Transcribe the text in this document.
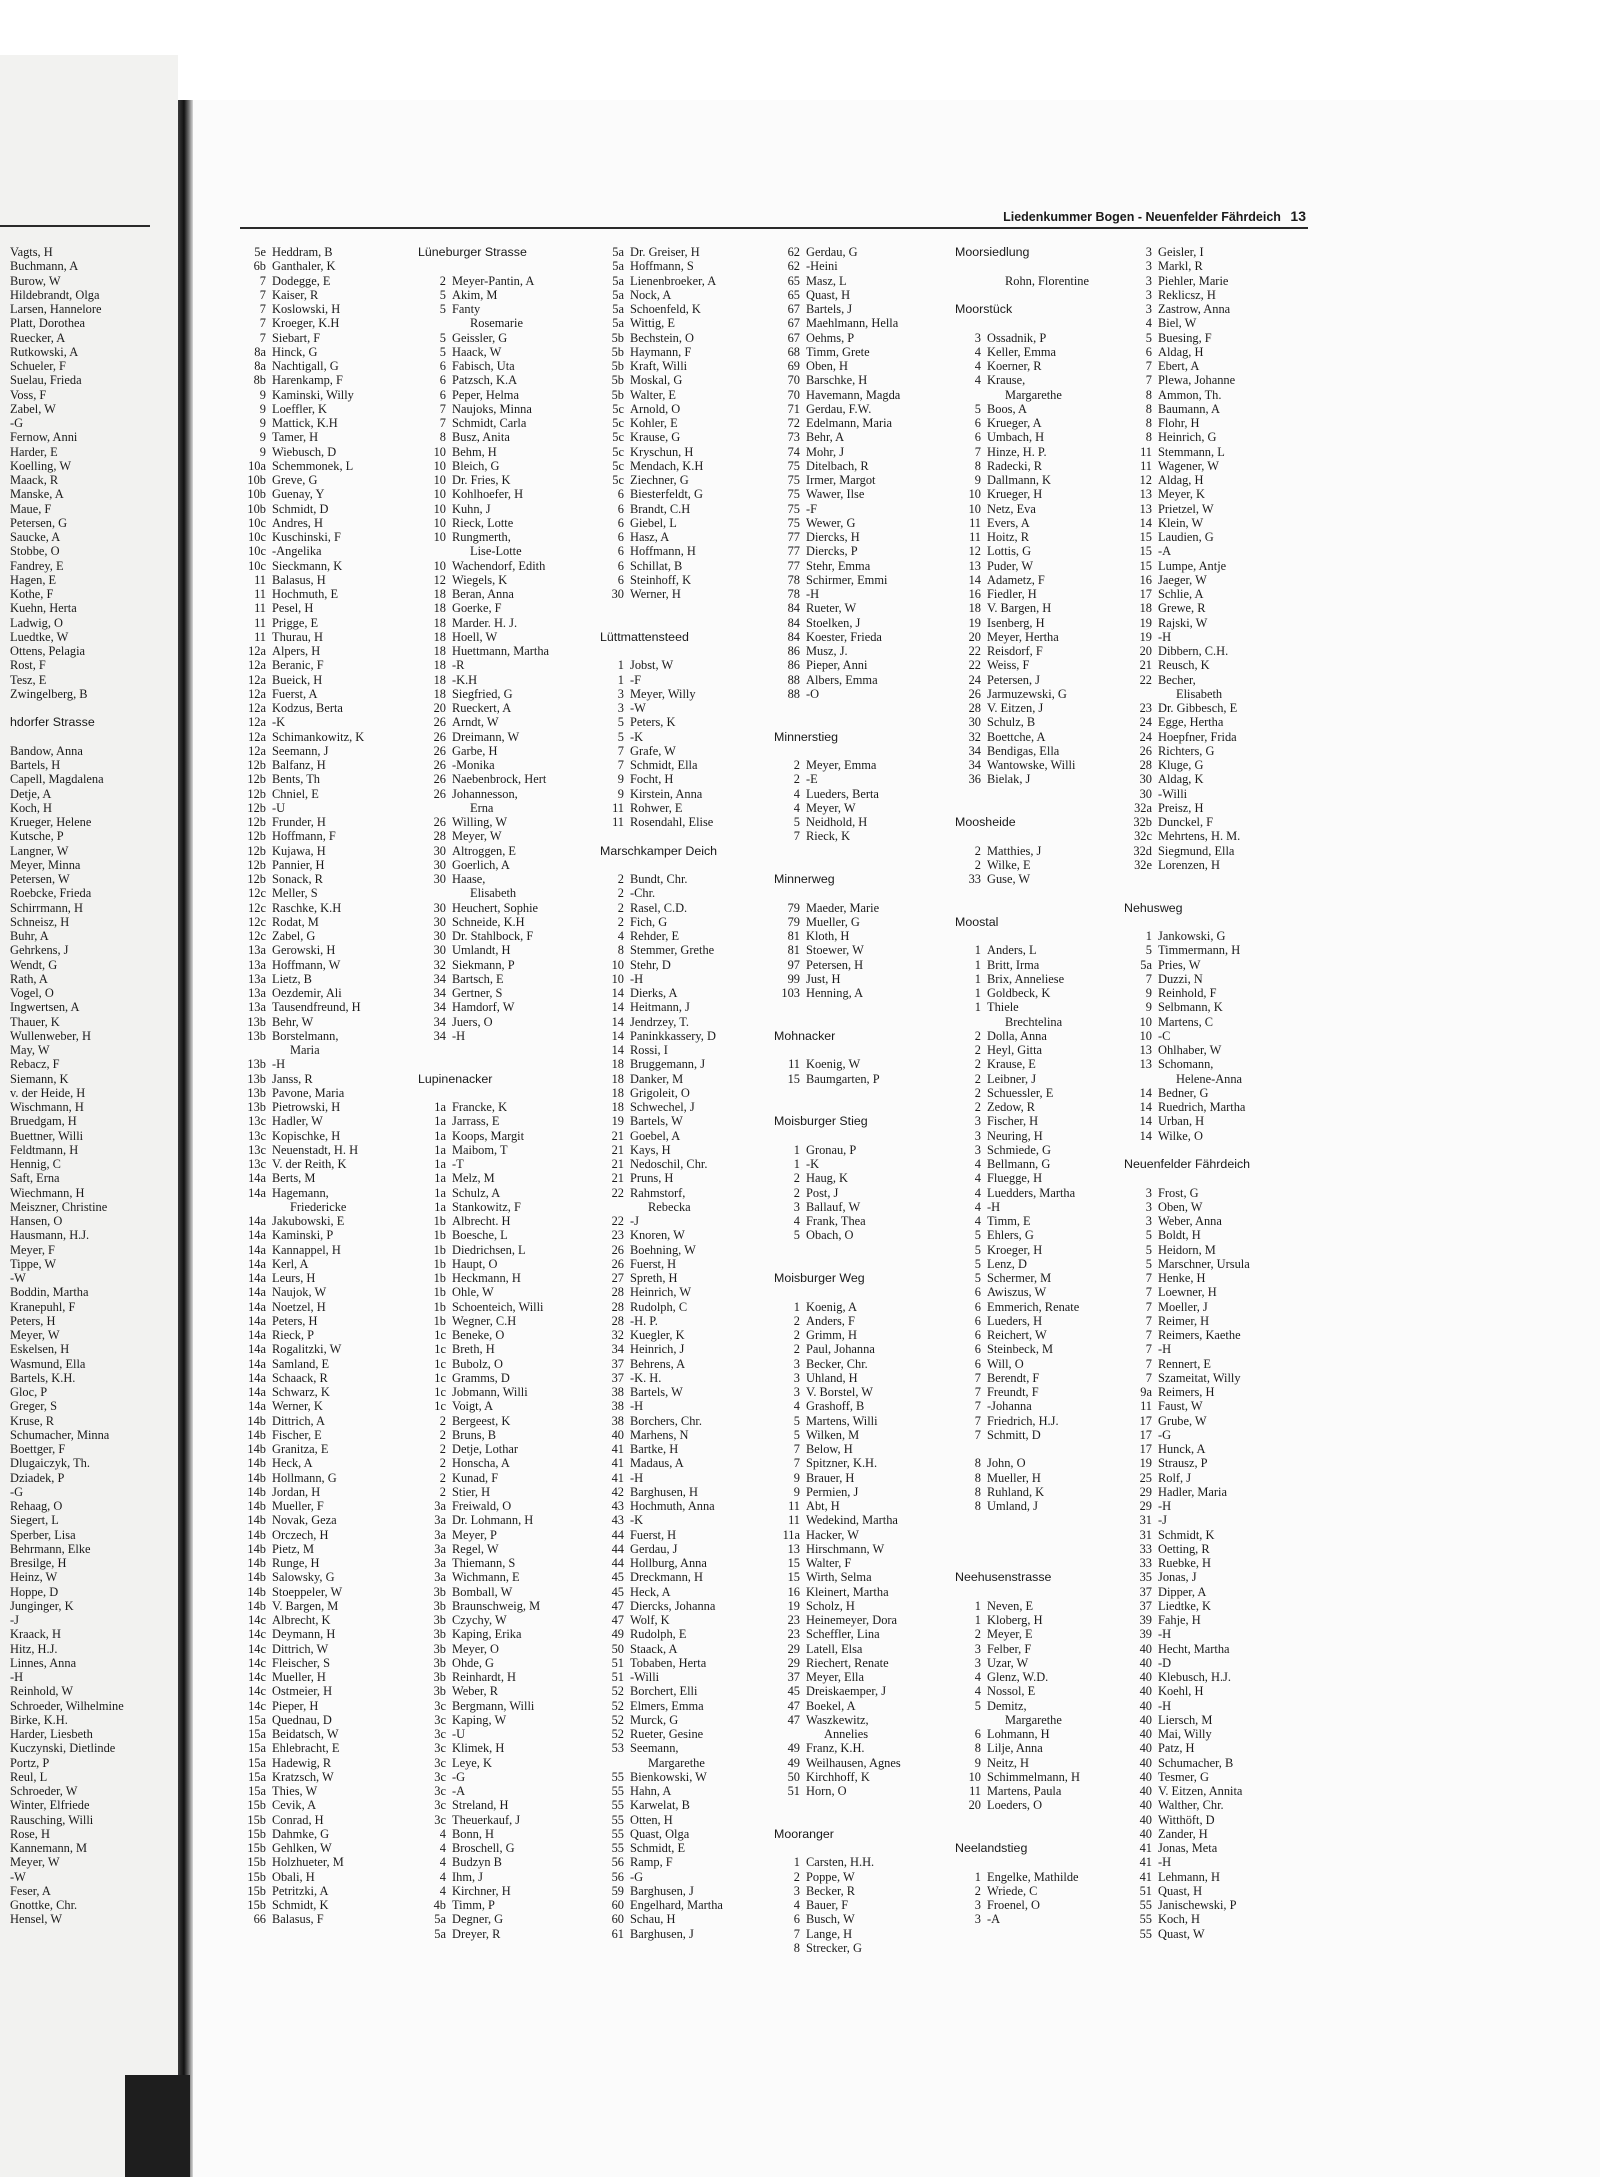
Liedenkummer Bogen - Neuenfelder Fährdeich 13
Vagts, H
Buchmann, A
Burow, W
Hildebrandt, Olga
Larsen, Hannelore
Platt, Dorothea
Ruecker, A
Rutkowski, A
Schueler, F
Suelau, Frieda
Voss, F
Zabel, W
-G
Fernow, Anni
Harder, E
Koelling, W
Maack, R
Manske, A
Maue, F
Petersen, G
Saucke, A
Stobbe, O
Fandrey, E
Hagen, E
Kothe, F
Kuehn, Herta
Ladwig, O
Luedtke, W
Ottens, Pelagia
Rost, F
Tesz, E
Zwingelberg, B
hdorfer Strasse
Bandow, Anna
Bartels, H
Capell, Magdalena
Detje, A
Koch, H
Krueger, Helene
Kutsche, P
Langner, W
Meyer, Minna
Petersen, W
Roebcke, Frieda
Schirrmann, H
Schneisz, H
Buhr, A
Gehrkens, J
Wendt, G
Rath, A
Vogel, O
Ingwertsen, A
Thauer, K
Wullenweber, H
May, W
Rebacz, F
Siemann, K
v. der Heide, H
Wischmann, H
Bruedgam, H
Buettner, Willi
Feldtmann, H
Hennig, C
Saft, Erna
Wiechmann, H
Meiszner, Christine
Hansen, O
Hausmann, H.J.
Meyer, F
Tippe, W
-W
Boddin, Martha
Kranepuhl, F
Peters, H
Meyer, W
Eskelsen, H
Wasmund, Ella
Bartels, K.H.
Gloc, P
Greger, S
Kruse, R
Schumacher, Minna
Boettger, F
Dlugaiczyk, Th.
Dziadek, P
-G
Rehaag, O
Siegert, L
Sperber, Lisa
Behrmann, Elke
Bresilge, H
Heinz, W
Hoppe, D
Junginger, K
-J
Kraack, H
Hitz, H.J.
Linnes, Anna
-H
Reinhold, W
Schroeder, Wilhelmine
Birke, K.H.
Harder, Liesbeth
Kuczynski, Dietlinde
Portz, P
Reul, L
Schroeder, W
Winter, Elfriede
Rausching, Willi
Rose, H
Kannemann, M
Meyer, W
-W
Feser, A
Gnottke, Chr.
Hensel, W
5e Heddram, B
6b Ganthaler, K
7 Dodegge, E
7 Kaiser, R
7 Koslowski, H
7 Kroeger, K.H
7 Siebart, F
8a Hinck, G
8a Nachtigall, G
8b Harenkamp, F
9 Kaminski, Willy
9 Loeffler, K
9 Mattick, K.H
9 Tamer, H
9 Wiebusch, D
10a Schemmonek, L
10b Greve, G
10b Guenay, Y
10b Schmidt, D
10c Andres, H
10c Kuschinski, F
10c -Angelika
10c Sieckmann, K
11 Balasus, H
11 Hochmuth, E
11 Pesel, H
11 Prigge, E
11 Thurau, H
12a Alpers, H
12a Beranic, F
12a Bueick, H
12a Fuerst, A
12a Kodzus, Berta
12a -K
12a Schimankowitz, K
12a Seemann, J
12b Balfanz, H
12b Bents, Th
12b Chniel, E
12b -U
12b Frunder, H
12b Hoffmann, F
12b Kujawa, H
12b Pannier, H
12b Sonack, R
12c Meller, S
12c Raschke, K.H
12c Rodat, M
12c Zabel, G
13a Gerowski, H
13a Hoffmann, W
13a Lietz, B
13a Oezdemir, Ali
13a Tausendfreund, H
13b Behr, W
13b Borstelmann,
Maria
13b -H
13b Janss, R
13b Pavone, Maria
13b Pietrowski, H
13c Hadler, W
13c Kopischke, H
13c Neuenstadt, H. H
13c V. der Reith, K
14a Berts, M
14a Hagemann,
Friedericke
14a Jakubowski, E
14a Kaminski, P
14a Kannappel, H
14a Kerl, A
14a Leurs, H
14a Naujok, W
14a Noetzel, H
14a Peters, H
14a Rieck, P
14a Rogalitzki, W
14a Samland, E
14a Schaack, R
14a Schwarz, K
14a Werner, K
14b Dittrich, A
14b Fischer, E
14b Granitza, E
14b Heck, A
14b Hollmann, G
14b Jordan, H
14b Mueller, F
14b Novak, Geza
14b Orczech, H
14b Pietz, M
14b Runge, H
14b Salowsky, G
14b Stoeppeler, W
14b V. Bargen, M
14c Albrecht, K
14c Deymann, H
14c Dittrich, W
14c Fleischer, S
14c Mueller, H
14c Ostmeier, H
14c Pieper, H
15a Quednau, D
15a Beidatsch, W
15a Ehlebracht, E
15a Hadewig, R
15a Kratzsch, W
15a Thies, W
15b Cevik, A
15b Conrad, H
15b Dahmke, G
15b Gehlken, W
15b Holzhueter, M
15b Obali, H
15b Petritzki, A
15b Schmidt, K
66 Balasus, F
Lüneburger Strasse
2 Meyer-Pantin, A
5 Akim, M
5 Fanty
Rosemarie
5 Geissler, G
5 Haack, W
6 Fabisch, Uta
6 Patzsch, K.A
6 Peper, Helma
7 Naujoks, Minna
7 Schmidt, Carla
8 Busz, Anita
10 Behm, H
10 Bleich, G
10 Dr. Fries, K
10 Kohlhoefer, H
10 Kuhn, J
10 Rieck, Lotte
10 Rungmerth,
Lise-Lotte
10 Wachendorf, Edith
12 Wiegels, K
18 Beran, Anna
18 Goerke, F
18 Marder. H. J.
18 Hoell, W
18 Huettmann, Martha
18 -R
18 -K.H
18 Siegfried, G
20 Rueckert, A
26 Arndt, W
26 Dreimann, W
26 Garbe, H
26 -Monika
26 Naebenbrock, Hert
26 Johannesson,
Erna
26 Willing, W
28 Meyer, W
30 Altroggen, E
30 Goerlich, A
30 Haase,
Elisabeth
30 Heuchert, Sophie
30 Schneide, K.H
30 Dr. Stahlbock, F
30 Umlandt, H
32 Siekmann, P
34 Bartsch, E
34 Gertner, S
34 Hamdorf, W
34 Juers, O
34 -H
Lupinenacker
1a Francke, K
1a Jarrass, E
1a Koops, Margit
1a Maibom, T
1a -T
1a Melz, M
1a Schulz, A
1a Stankowitz, F
1b Albrecht. H
1b Boesche, L
1b Diedrichsen, L
1b Haupt, O
1b Heckmann, H
1b Ohle, W
1b Schoenteich, Willi
1b Wegner, C.H
1c Beneke, O
1c Breth, H
1c Bubolz, O
1c Gramms, D
1c Jobmann, Willi
1c Voigt, A
2 Bergeest, K
2 Bruns, B
2 Detje, Lothar
2 Honscha, A
2 Kunad, F
2 Stier, H
3a Freiwald, O
3a Dr. Lohmann, H
3a Meyer, P
3a Regel, W
3a Thiemann, S
3a Wichmann, E
3b Bomball, W
3b Braunschweig, M
3b Czychy, W
3b Kaping, Erika
3b Meyer, O
3b Ohde, G
3b Reinhardt, H
3b Weber, R
3c Bergmann, Willi
3c Kaping, W
3c -U
3c Klimek, H
3c Leye, K
3c -G
3c -A
3c Streland, H
3c Theuerkauf, J
4 Bonn, H
4 Broschell, G
4 Budzyn B
4 Ihm, J
4 Kirchner, H
4b Timm, P
5a Degner, G
5a Dreyer, R
5a Dr. Greiser, H
5a Hoffmann, S
5a Lienenbroeker, A
5a Nock, A
5a Schoenfeld, K
5a Wittig, E
5b Bechstein, O
5b Haymann, F
5b Kraft, Willi
5b Moskal, G
5b Walter, E
5c Arnold, O
5c Kohler, E
5c Krause, G
5c Kryschun, H
5c Mendach, K.H
5c Ziechner, G
6 Biesterfeldt, G
6 Brandt, C.H
6 Giebel, L
6 Hasz, A
6 Hoffmann, H
6 Schillat, B
6 Steinhoff, K
30 Werner, H
Lüttmattensteed
1 Jobst, W
1 -F
3 Meyer, Willy
3 -W
5 Peters, K
5 -K
7 Grafe, W
7 Schmidt, Ella
9 Focht, H
9 Kirstein, Anna
11 Rohwer, E
11 Rosendahl, Elise
Marschkamper Deich
2 Bundt, Chr.
2 -Chr.
2 Rasel, C.D.
2 Fich, G
4 Rehder, E
8 Stemmer, Grethe
10 Stehr, D
10 -H
14 Dierks, A
14 Heitmann, J
14 Jendrzey, T.
14 Paninkkassery, D
14 Rossi, I
18 Bruggemann, J
18 Danker, M
18 Grigoleit, O
18 Schwechel, J
19 Bartels, W
21 Goebel, A
21 Kays, H
21 Nedoschil, Chr.
21 Pruns, H
22 Rahmstorf,
Rebecka
22 -J
23 Knoren, W
26 Boehning, W
26 Fuerst, H
27 Spreth, H
28 Heinrich, W
28 Rudolph, C
28 -H. P.
32 Kuegler, K
34 Heinrich, J
37 Behrens, A
37 -K. H.
38 Bartels, W
38 -H
38 Borchers, Chr.
40 Marhens, N
41 Bartke, H
41 Madaus, A
41 -H
42 Barghusen, H
43 Hochmuth, Anna
43 -K
44 Fuerst, H
44 Gerdau, J
44 Hollburg, Anna
45 Dreckmann, H
45 Heck, A
47 Diercks, Johanna
47 Wolf, K
49 Rudolph, E
50 Staack, A
51 Tobaben, Herta
51 -Willi
52 Borchert, Elli
52 Elmers, Emma
52 Murck, G
52 Rueter, Gesine
53 Seemann,
Margarethe
55 Bienkowski, W
55 Hahn, A
55 Karwelat, B
55 Otten, H
55 Quast, Olga
55 Schmidt, E
56 Ramp, F
56 -G
59 Barghusen, J
60 Engelhard, Martha
60 Schau, H
61 Barghusen, J
62 Gerdau, G
62 -Heini
65 Masz, L
65 Quast, H
67 Bartels, J
67 Maehlmann, Hella
67 Oehms, P
68 Timm, Grete
69 Oben, H
70 Barschke, H
70 Havemann, Magda
71 Gerdau, F.W.
72 Edelmann, Maria
73 Behr, A
74 Mohr, J
75 Ditelbach, R
75 Irmer, Margot
75 Wawer, Ilse
75 -F
75 Wewer, G
77 Diercks, H
77 Diercks, P
77 Stehr, Emma
78 Schirmer, Emmi
78 -H
84 Rueter, W
84 Stoelken, J
84 Koester, Frieda
86 Musz, J.
86 Pieper, Anni
88 Albers, Emma
88 -O
Minnerstieg
2 Meyer, Emma
2 -E
4 Lueders, Berta
4 Meyer, W
5 Neidhold, H
7 Rieck, K
Minnerweg
79 Maeder, Marie
79 Mueller, G
81 Kloth, H
81 Stoewer, W
97 Petersen, H
99 Just, H
103 Henning, A
Mohnacker
11 Koenig, W
15 Baumgarten, P
Moisburger Stieg
1 Gronau, P
1 -K
2 Haug, K
2 Post, J
3 Ballauf, W
4 Frank, Thea
5 Obach, O
Moisburger Weg
1 Koenig, A
2 Anders, F
2 Grimm, H
2 Paul, Johanna
3 Becker, Chr.
3 Uhland, H
3 V. Borstel, W
4 Grashoff, B
5 Martens, Willi
5 Wilken, M
7 Below, H
7 Spitzner, K.H.
9 Brauer, H
9 Permien, J
11 Abt, H
11 Wedekind, Martha
11a Hacker, W
13 Hirschmann, W
15 Walter, F
15 Wirth, Selma
16 Kleinert, Martha
19 Scholz, H
23 Heinemeyer, Dora
23 Scheffler, Lina
29 Latell, Elsa
29 Riechert, Renate
37 Meyer, Ella
45 Dreiskaemper, J
47 Boekel, A
47 Waszkewitz,
Annelies
49 Franz, K.H.
49 Weilhausen, Agnes
50 Kirchhoff, K
51 Horn, O
Mooranger
1 Carsten, H.H.
2 Poppe, W
3 Becker, R
4 Bauer, F
6 Busch, W
7 Lange, H
8 Strecker, G
Moorsiedlung
Rohn, Florentine
Moorstück
3 Ossadnik, P
4 Keller, Emma
4 Koerner, R
4 Krause,
Margarethe
5 Boos, A
6 Krueger, A
6 Umbach, H
7 Hinze, H. P.
8 Radecki, R
9 Dallmann, K
10 Krueger, H
10 Netz, Eva
11 Evers, A
11 Hoitz, R
12 Lottis, G
13 Puder, W
14 Adametz, F
16 Fiedler, H
18 V. Bargen, H
19 Isenberg, H
20 Meyer, Hertha
22 Reisdorf, F
22 Weiss, F
24 Petersen, J
26 Jarmuzewski, G
28 V. Eitzen, J
30 Schulz, B
32 Boettche, A
34 Bendigas, Ella
34 Wantowske, Willi
36 Bielak, J
Moosheide
2 Matthies, J
2 Wilke, E
33 Guse, W
Moostal
1 Anders, L
1 Britt, Irma
1 Brix, Anneliese
1 Goldbeck, K
1 Thiele
Brechtelina
2 Dolla, Anna
2 Heyl, Gitta
2 Krause, E
2 Leibner, J
2 Schuessler, E
2 Zedow, R
3 Fischer, H
3 Neuring, H
3 Schmiede, G
4 Bellmann, G
4 Fluegge, H
4 Luedders, Martha
4 -H
4 Timm, E
5 Ehlers, G
5 Kroeger, H
5 Lenz, D
5 Schermer, M
6 Awiszus, W
6 Emmerich, Renate
6 Lueders, H
6 Reichert, W
6 Steinbeck, M
6 Will, O
7 Berendt, F
7 Freundt, F
7 -Johanna
7 Friedrich, H.J.
7 Schmitt, D
8 John, O
8 Mueller, H
8 Ruhland, K
8 Umland, J
Neehusenstrasse
1 Neven, E
1 Kloberg, H
2 Meyer, E
3 Felber, F
3 Uzar, W
4 Glenz, W.D.
4 Nossol, E
5 Demitz,
Margarethe
6 Lohmann, H
8 Lilje, Anna
9 Neitz, H
10 Schimmelmann, H
11 Martens, Paula
20 Loeders, O
Neelandstieg
1 Engelke, Mathilde
2 Wriede, C
3 Froenel, O
3 -A
3 Geisler, I
3 Markl, R
3 Piehler, Marie
3 Reklicsz, H
3 Zastrow, Anna
4 Biel, W
5 Buesing, F
6 Aldag, H
7 Ebert, A
7 Plewa, Johanne
8 Ammon, Th.
8 Baumann, A
8 Flohr, H
8 Heinrich, G
11 Stemmann, L
11 Wagener, W
12 Aldag, H
13 Meyer, K
13 Prietzel, W
14 Klein, W
15 Laudien, G
15 -A
15 Lumpe, Antje
16 Jaeger, W
17 Schlie, A
18 Grewe, R
19 Rajski, W
19 -H
20 Dibbern, C.H.
21 Reusch, K
22 Becher,
Elisabeth
23 Dr. Gibbesch, E
24 Egge, Hertha
24 Hoepfner, Frida
26 Richters, G
28 Kluge, G
30 Aldag, K
30 -Willi
32a Preisz, H
32b Dunckel, F
32c Mehrtens, H. M.
32d Siegmund, Ella
32e Lorenzen, H
Nehusweg
1 Jankowski, G
5 Timmermann, H
5a Pries, W
7 Duzzi, N
9 Reinhold, F
9 Selbmann, K
10 Martens, C
10 -C
13 Ohlhaber, W
13 Schomann,
Helene-Anna
14 Bedner, G
14 Ruedrich, Martha
14 Urban, H
14 Wilke, O
Neuenfelder Fährdeich
3 Frost, G
3 Oben, W
3 Weber, Anna
5 Boldt, H
5 Heidorn, M
5 Marschner, Ursula
7 Henke, H
7 Loewner, H
7 Moeller, J
7 Reimer, H
7 Reimers, Kaethe
7 -H
7 Rennert, E
7 Szameitat, Willy
9a Reimers, H
11 Faust, W
17 Grube, W
17 -G
17 Hunck, A
19 Strausz, P
25 Rolf, J
29 Hadler, Maria
29 -H
31 -J
31 Schmidt, K
33 Oetting, R
33 Ruebke, H
35 Jonas, J
37 Dipper, A
37 Liedtke, K
39 Fahje, H
39 -H
40 Hecht, Martha
40 -D
40 Klebusch, H.J.
40 Koehl, H
40 -H
40 Liersch, M
40 Mai, Willy
40 Patz, H
40 Schumacher, B
40 Tesmer, G
40 V. Eitzen, Annita
40 Walther, Chr.
40 Witthöft, D
40 Zander, H
41 Jonas, Meta
41 -H
41 Lehmann, H
51 Quast, H
55 Janischewski, P
55 Koch, H
55 Quast, W
